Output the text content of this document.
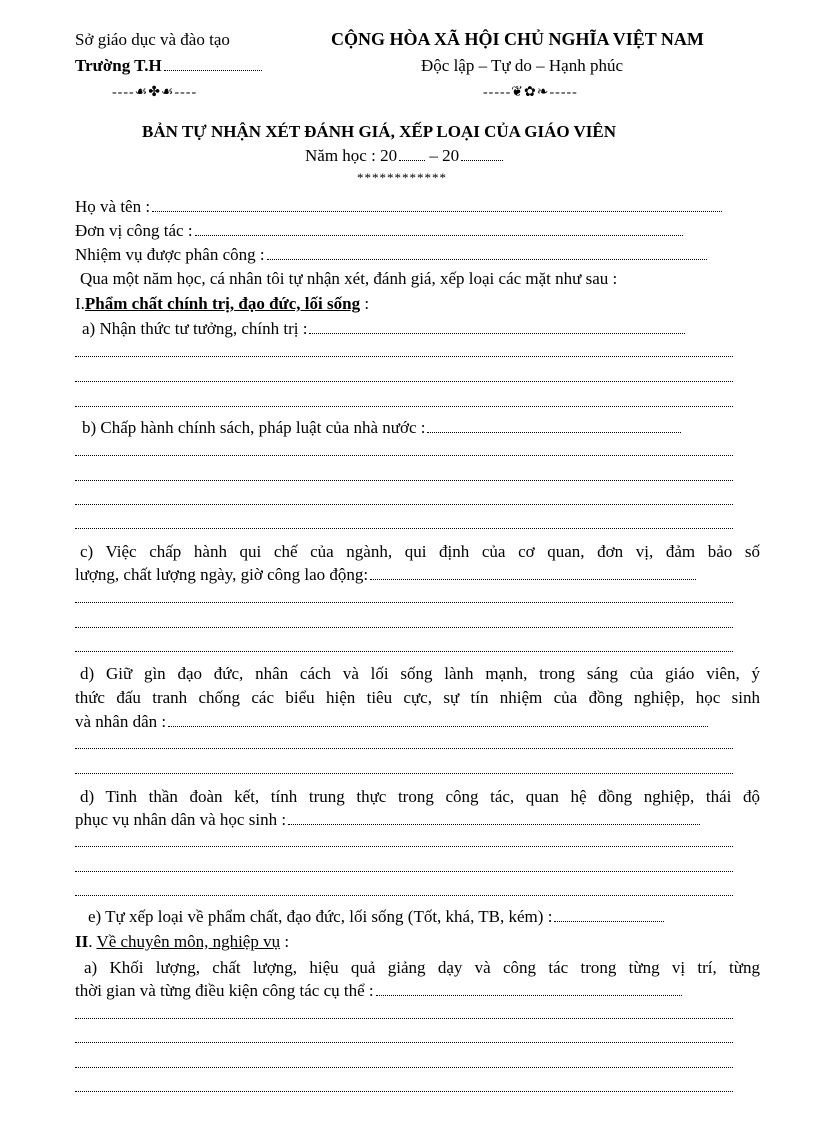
Sở giáo dục và đào tạo
Trường T.H
----☙✤☙----
CỘNG HÒA XÃ HỘI CHỦ NGHĨA VIỆT NAM
Độc lập – Tự do – Hạnh phúc
-----❦✿❧-----
BẢN TỰ NHẬN XÉT ĐÁNH GIÁ, XẾP LOẠI CỦA GIÁO VIÊN
Năm học : 20 – 20
************
Họ và tên :
Đơn vị công tác :
Nhiệm vụ được phân công :
Qua một năm học, cá nhân tôi tự nhận xét, đánh giá, xếp loại các mặt như sau :
I.Phẩm chất chính trị, đạo đức, lối sống :
a) Nhận thức tư tưởng, chính trị :
b) Chấp hành chính sách, pháp luật của nhà nước :
c) Việc chấp hành qui chế của ngành, qui định của cơ quan, đơn vị, đảm bảo số
lượng, chất lượng ngày, giờ công lao động:
d) Giữ gìn đạo đức, nhân cách và lối sống lành mạnh, trong sáng của giáo viên, ý
thức đấu tranh chống các biểu hiện tiêu cực, sự tín nhiệm của đồng nghiệp, học sinh
và nhân dân :
d) Tinh thần đoàn kết, tính trung thực trong công tác, quan hệ đồng nghiệp, thái độ
phục vụ nhân dân và học sinh :
e) Tự xếp loại về phẩm chất, đạo đức, lối sống (Tốt, khá, TB, kém) :
II. Về chuyên môn, nghiệp vụ :
a) Khối lượng, chất lượng, hiệu quả giảng dạy và công tác trong từng vị trí, từng
thời gian và từng điều kiện công tác cụ thể :
